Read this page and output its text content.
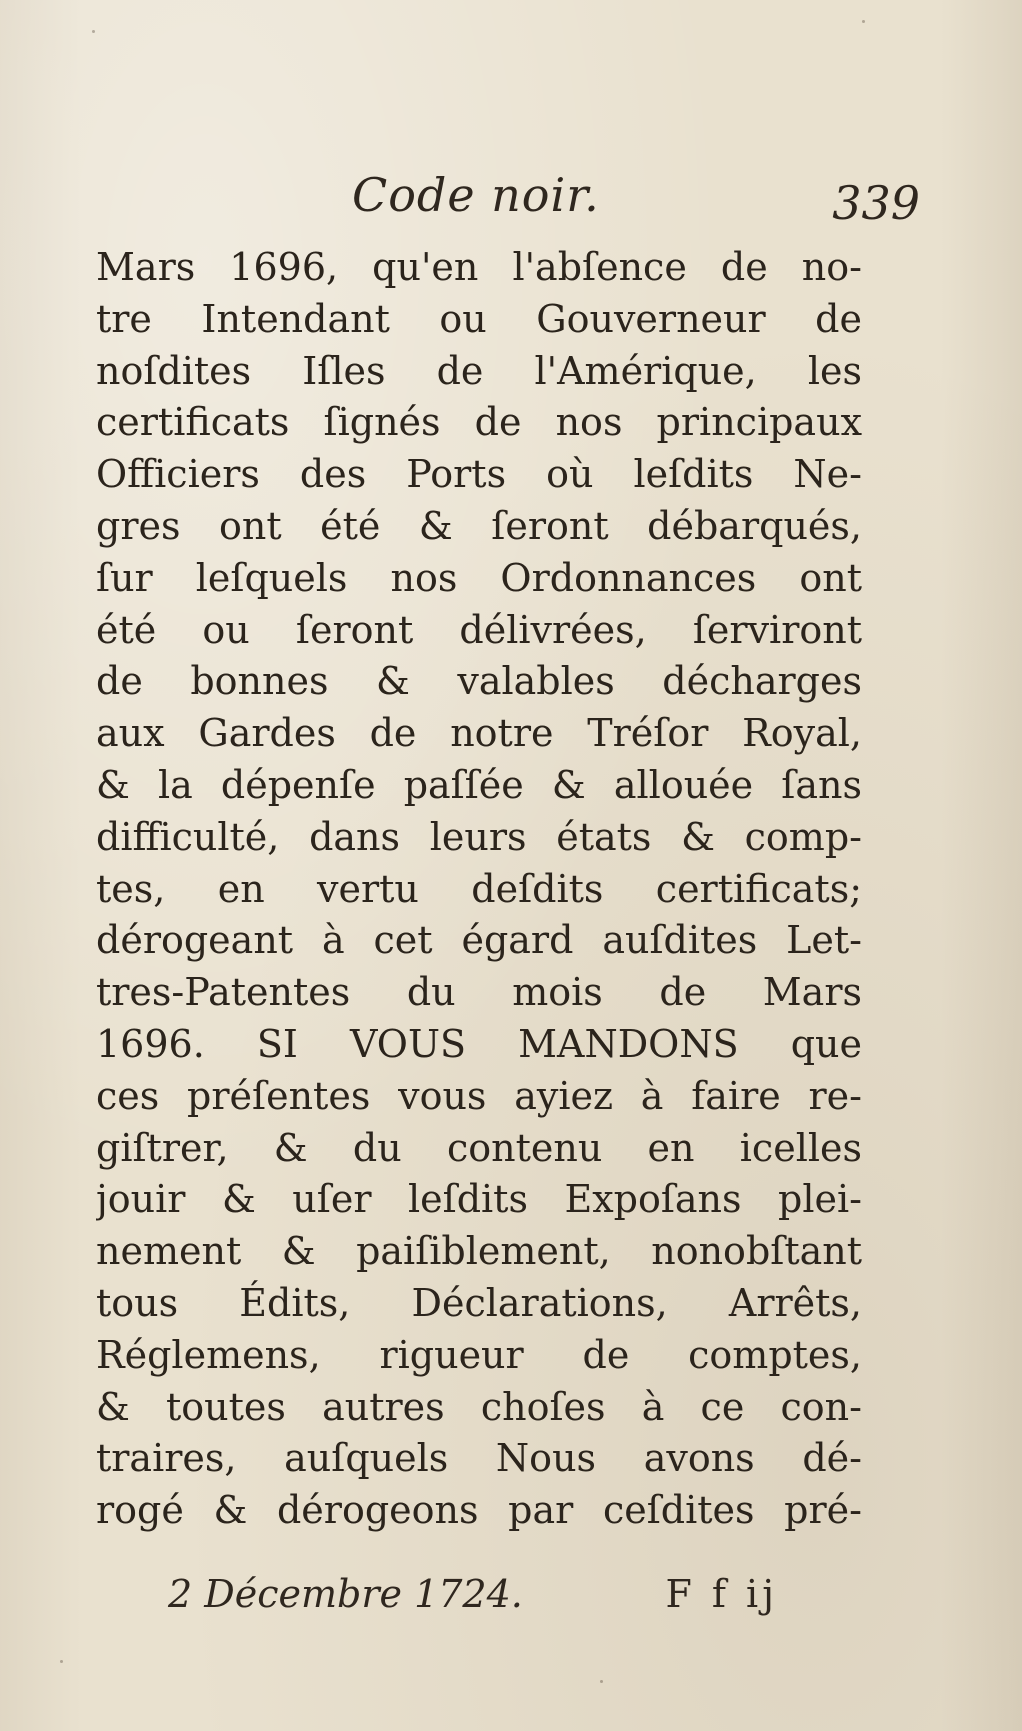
Code noir.	339
Mars 1696, qu'en l'abſence de no-
tre Intendant ou Gouverneur de
noſdites Iſles de l'Amérique, les
certificats ſignés de nos principaux
Officiers des Ports où leſdits Ne-
gres ont été & ſeront débarqués,
ſur leſquels nos Ordonnances ont
été ou ſeront délivrées, ſerviront
de bonnes & valables décharges
aux Gardes de notre Tréſor Royal,
& la dépenſe paſſée & allouée ſans
difficulté, dans leurs états & comp-
tes, en vertu deſdits certificats;
dérogeant à cet égard auſdites Let-
tres-Patentes du mois de Mars
1696. SI VOUS MANDONS que
ces préſentes vous ayiez à faire re-
giſtrer, & du contenu en icelles
jouir & uſer leſdits Expoſans plei-
nement & paiſiblement, nonobſtant
tous Édits, Déclarations, Arrêts,
Réglemens, rigueur de comptes,
& toutes autres choſes à ce con-
traires, auſquels Nous avons dé-
rogé & dérogeons par ceſdites pré-
2 Décembre 1724.	F f ij
